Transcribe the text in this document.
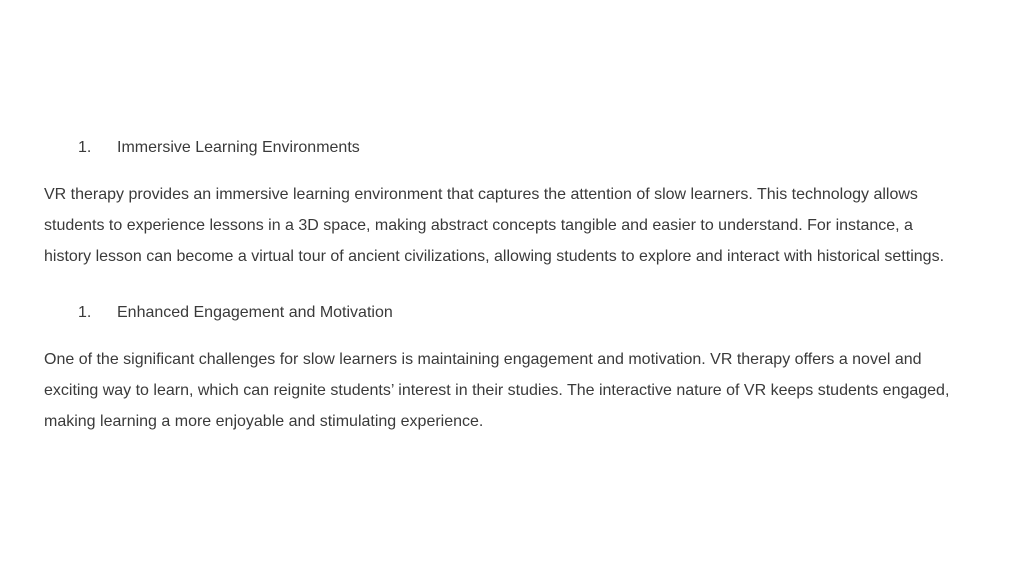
1. Immersive Learning Environments
VR therapy provides an immersive learning environment that captures the attention of slow learners. This technology allows
students to experience lessons in a 3D space, making abstract concepts tangible and easier to understand. For instance, a
history lesson can become a virtual tour of ancient civilizations, allowing students to explore and interact with historical settings.
1. Enhanced Engagement and Motivation
One of the significant challenges for slow learners is maintaining engagement and motivation. VR therapy offers a novel and
exciting way to learn, which can reignite students’ interest in their studies. The interactive nature of VR keeps students engaged,
making learning a more enjoyable and stimulating experience.
